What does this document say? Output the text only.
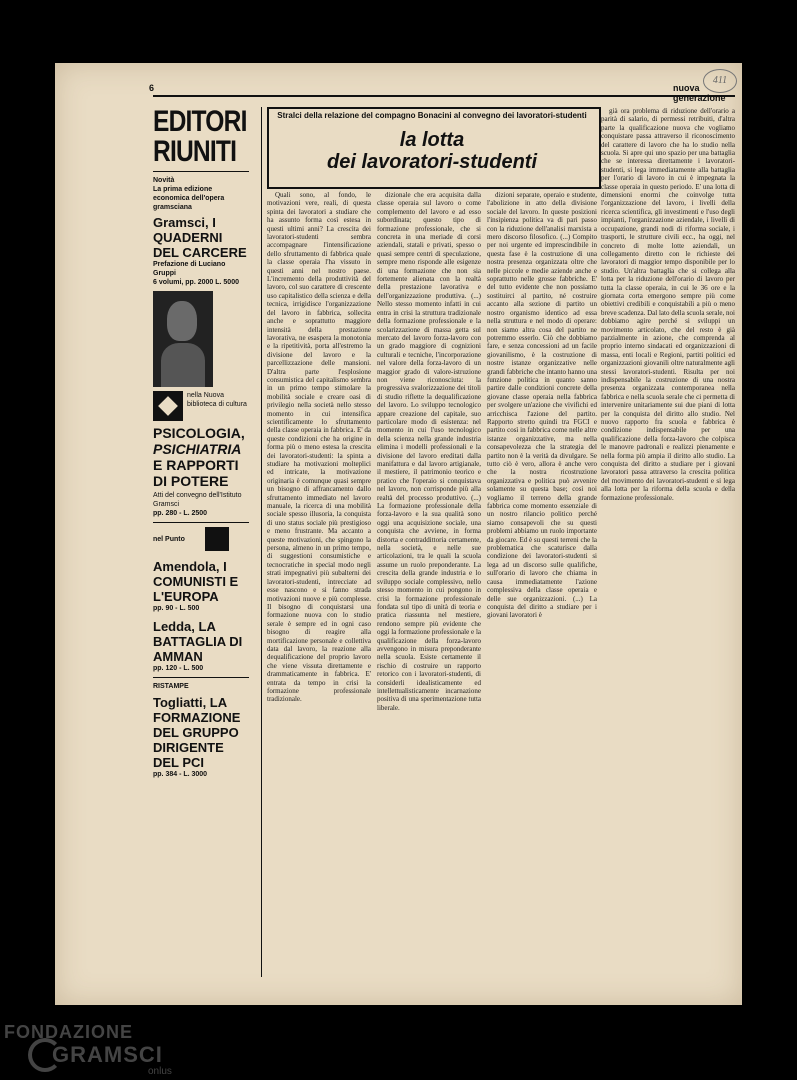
6	nuova generazione
411
EDITORI RIUNITI
Novità
La prima edizione economica dell'opera gramsciana
Gramsci, I QUADERNI DEL CARCERE
Prefazione di Luciano Gruppi
6 volumi, pp. 2000 L. 5000
nella Nuova biblioteca di cultura
PSICOLOGIA,
PSICHIATRIA
E RAPPORTI DI POTERE
Atti del convegno dell'Istituto Gramsci
pp. 280 - L. 2500
nel Punto
Amendola, I COMUNISTI E L'EUROPA
pp. 90 - L. 500
Ledda, LA BATTAGLIA DI AMMAN
pp. 120 - L. 500
RISTAMPE
Togliatti, LA FORMAZIONE DEL GRUPPO DIRIGENTE DEL PCI
pp. 384 - L. 3000
Stralci della relazione del compagno Bonacini al convegno dei lavoratori-studenti
la lotta
dei lavoratori-studenti

Quali sono, al fondo, le motivazioni vere, reali, di questa spinta dei lavoratori a studiare che ha assunto forma così estesa in questi ultimi anni? La crescita dei lavoratori-studenti sembra accompagnare l'intensificazione dello sfruttamento di fabbrica quale la classe operaia l'ha vissuto in questi anni nel nostro paese. L'incremento della produttività del lavoro, col suo carattere di crescente uso capitalistico della scienza e della tecnica, irrigidisce l'organizzazione del lavoro in fabbrica, sollecita anche e soprattutto maggiore intensità della prestazione lavorativa, ne esaspera la monotonia e la ripetitività, porta all'estremo la divisione del lavoro e la parcellizzazione delle mansioni. D'altra parte l'esplosione consumistica del capitalismo sembra in un primo tempo stimolare la mobilità sociale e creare oasi di privilegio nella società nello stesso momento in cui intensifica scientificamente lo sfruttamento della classe operaia in fabbrica. E' da queste condizioni che ha origine in forma più o meno estesa la crescita dei lavoratori-studenti: la spinta a studiare ha motivazioni molteplici ed intricate, la motivazione originaria è comunque quasi sempre un bisogno di affrancamento dallo sfruttamento immediato nel lavoro manuale, la ricerca di una mobilità sociale spesso illusoria, la conquista di uno status sociale più prestigioso e meno frustrante. Ma accanto a queste motivazioni, che spingono la persona, almeno in un primo tempo, di suggestioni consumistiche e tecnocratiche in special modo negli strati impegnativi più subalterni dei lavoratori-studenti, intrecciate ad esse nascono e si fanno strada motivazioni nuove e più complesse. Il bisogno di conquistarsi una formazione nuova con lo studio serale è sempre ed in ogni caso bisogno di reagire alla mortificazione personale e collettiva data dal lavoro, la reazione alla dequalificazione del proprio lavoro che viene vissuta direttamente e drammaticamente in fabbrica. E' entrata da tempo in crisi la formazione professionale tradizionale.

dizionale che era acquisita dalla classe operaia sul lavoro o come complemento del lavoro e ad esso subordinata; questo tipo di formazione professionale, che si concreta in una meriade di corsi aziendali, statali e privati, spesso o quasi sempre centri di speculazione, sempre meno risponde alle esigenze di una formazione che non sia fortemente alienata con la realtà della prestazione lavorativa e dell'organizzazione produttiva. (...) Nello stesso momento infatti in cui entra in crisi la struttura tradizionale della formazione professionale e la scolarizzazione di massa getta sul mercato del lavoro forza-lavoro con un grado maggiore di cognizioni culturali e tecniche, l'incorporazione nel valore della forza-lavoro di un maggior grado di valore-istruzione non viene riconosciuta: la progressiva svalorizzazione dei titoli di studio riflette la dequalificazione del lavoro. Lo sviluppo tecnologico appare creazione del capitale, suo particolare modo di esistenza: nel momento in cui l'uso tecnologico della scienza nella grande industria elimina i modelli professionali e la divisione del lavoro ereditati dalla manifattura e dal lavoro artigianale, il mestiere, il patrimonio teorico e pratico che l'operaio si conquistava nel lavoro, non corrisponde più alla realtà del processo produttivo. (...) La formazione professionale della forza-lavoro e la sua qualità sono oggi una acquisizione sociale, una conquista che avviene, in forma distorta e contraddittoria certamente, nella società, e nelle sue articolazioni, tra le quali la scuola assume un ruolo preponderante. La crescita della grande industria e lo sviluppo sociale complessivo, nello stesso momento in cui pongono in crisi la formazione professionale fondata sul tipo di unità di teoria e pratica riassunta nel mestiere, rendono sempre più evidente che oggi la formazione professionale e la qualificazione della forza-lavoro avvengono in misura preponderante nella scuola. Esiste certamente il rischio di costruire un rapporto retorico con i lavoratori-studenti, di considerli idealisticamente ed intellettualisticamente incarnazione positiva di una sperimentazione tutta liberale.

dizioni separate, operaio e studente, l'abolizione in atto della divisione sociale del lavoro. In queste posizioni l'insipienza politica va di pari passo con la riduzione dell'analisi marxista a mero discorso filosofico. (...) Compito per noi urgente ed imprescindibile in questa fase è la costruzione di una nostra presenza organizzata oltre che nelle piccole e medie aziende anche e soprattutto nelle grosse fabbriche. E' del tutto evidente che non possiamo sostituirci al partito, né costruire accanto alla sezione di partito un nostro organismo identico ad essa nella struttura e nel modo di operare: non siamo altra cosa del partito ne potremmo esserlo. Ciò che dobbiamo fare, e senza concessioni ad un facile giovanilismo, è la costruzione di nostre istanze organizzative nelle grandi fabbriche che intanto hanno una funzione politica in quanto sanno partire dalle condizioni concrete della giovane classe operaia nella fabbrica per svolgere un'azione che vivifichi ed arricchisca l'azione del partito. Rapporto stretto quindi tra FGCI e partito così in fabbrica come nelle altre istanze organizzative, ma nella consapevolezza che la strategia del partito non è la verità da divulgare. Se tutto ciò è vero, allora è anche vero che la nostra ricostruzione organizzativa e politica può avvenire solamente su questa base; così noi vogliamo il terreno della grande fabbrica come momento essenziale di un nostro rilancio politico perché siamo consapevoli che su questi problemi abbiamo un ruolo importante da giocare. Ed è su questi terreni che la problematica che scaturisce dalla condizione dei lavoratori-studenti si lega ad un discorso sulle qualifiche, sull'orario di lavoro che chiama in causa immediatamente l'azione complessiva della classe operaia e delle sue organizzazioni. (...) La conquista del diritto a studiare per i giovani lavoratori è

già ora problema di riduzione dell'orario a parità di salario, di permessi retribuiti, d'altra parte la qualificazione nuova che vogliamo conquistare passa attraverso il riconoscimento del carattere di lavoro che ha lo studio nella scuola. Si apre qui uno spazio per una battaglia che se interessa direttamente i lavoratori-studenti, si lega immediatamente alla battaglia per l'orario di lavoro in cui è impegnata la classe operaia in questo periodo. E' una lotta di dimensioni enormi che coinvolge tutta l'organizzazione del lavoro, i livelli della ricerca scientifica, gli investimenti e l'uso degli impianti, l'organizzazione aziendale, i livelli di occupazione, grandi nodi di riforma sociale, i trasporti, le strutture civili ecc., ha oggi, nel concreto di molte lotte aziendali, un collegamento diretto con le richieste dei lavoratori di maggior tempo disponibile per lo studio. Un'altra battaglia che si collega alla lotta per la riduzione dell'orario di lavoro per tutta la classe operaia, in cui le 36 ore e la giornata corta emergono sempre più come obiettivi credibili e conquistabili a più o meno breve scadenza. Dal lato della scuola serale, noi dobbiamo agire perché si sviluppi un movimento articolato, che del resto è già parzialmente in azione, che comprenda al proprio interno sindacati ed organizzazioni di massa, enti locali e Regioni, partiti politici ed organizzazioni giovanili oltre naturalmente agli stessi lavoratori-studenti. Risulta per noi indispensabile la costruzione di una nostra presenza organizzata contemporanea nella fabbrica e nella scuola serale che ci permetta di intervenire unitariamente sui due piani di lotta per la conquista del diritto allo studio. Nel nuovo rapporto fra scuola e fabbrica è condizione indispensabile per una qualificazione della forza-lavoro che colpisca le manovre padronali e realizzi pienamente e nella forma più ampia il diritto allo studio. La conquista del diritto a studiare per i giovani lavoratori passa attraverso la crescita politica del movimento dei lavoratori-studenti e si lega alla lotta per la riforma della scuola e della formazione professionale.

FONDAZIONE
GRAMSCI
onlus
